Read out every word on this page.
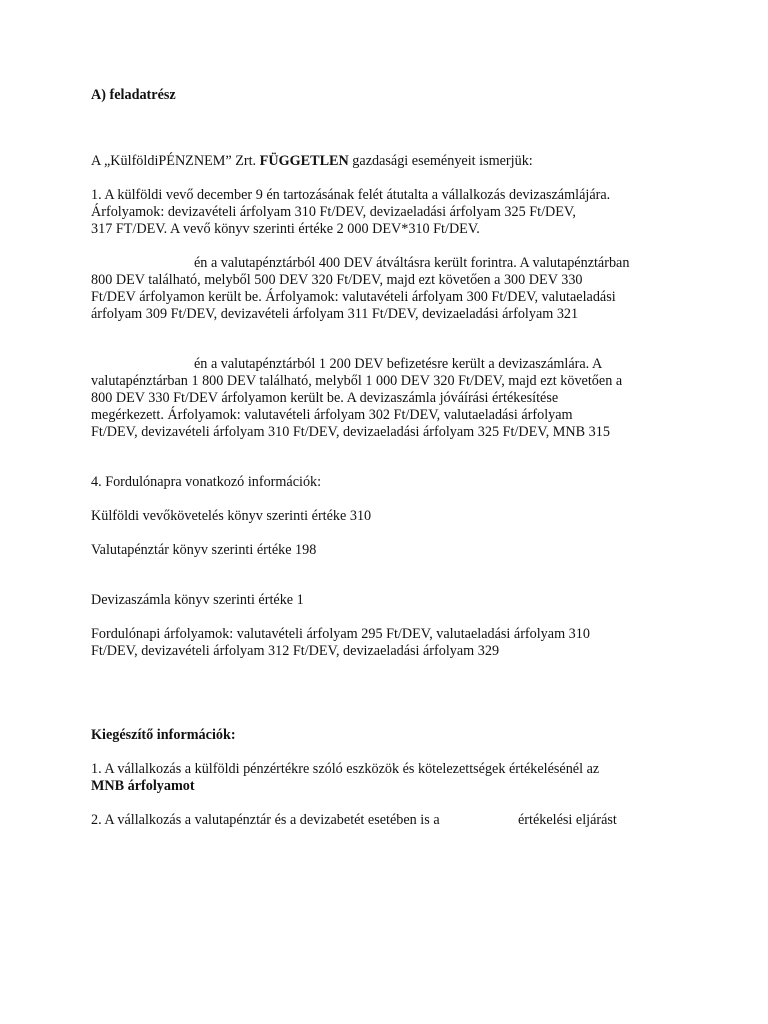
A) feladatrész
A „KülföldiPÉNZNEM” Zrt. FÜGGETLEN gazdasági eseményeit ismerjük:
1. A külföldi vevő december 9 én tartozásának felét átutalta a vállalkozás devizaszámlájára.
Árfolyamok: devizavételi árfolyam 310 Ft/DEV, devizaeladási árfolyam 325 Ft/DEV,
317 FT/DEV. A vevő könyv szerinti értéke 2 000 DEV*310 Ft/DEV.
én a valutapénztárból 400 DEV átváltásra került forintra. A valutapénztárban
800 DEV található, melyből 500 DEV 320 Ft/DEV, majd ezt követően a 300 DEV 330
Ft/DEV árfolyamon került be. Árfolyamok: valutavételi árfolyam 300 Ft/DEV, valutaeladási
árfolyam 309 Ft/DEV, devizavételi árfolyam 311 Ft/DEV, devizaeladási árfolyam 321
én a valutapénztárból 1 200 DEV befizetésre került a devizaszámlára. A
valutapénztárban 1 800 DEV található, melyből 1 000 DEV 320 Ft/DEV, majd ezt követően a
800 DEV 330 Ft/DEV árfolyamon került be. A devizaszámla jóváírási értékesítése
megérkezett. Árfolyamok: valutavételi árfolyam 302 Ft/DEV, valutaeladási árfolyam
Ft/DEV, devizavételi árfolyam 310 Ft/DEV, devizaeladási árfolyam 325 Ft/DEV, MNB 315
4. Fordulónapra vonatkozó információk:
Külföldi vevőkövetelés könyv szerinti értéke 310
Valutapénztár könyv szerinti értéke 198
Devizaszámla könyv szerinti értéke 1
Fordulónapi árfolyamok: valutavételi árfolyam 295 Ft/DEV, valutaeladási árfolyam 310
Ft/DEV, devizavételi árfolyam 312 Ft/DEV, devizaeladási árfolyam 329
Kiegészítő információk:
1. A vállalkozás a külföldi pénzértékre szóló eszközök és kötelezettségek értékelésénél az
MNB árfolyamot
2. A vállalkozás a valutapénztár és a devizabetét esetében is a	értékelési eljárást
